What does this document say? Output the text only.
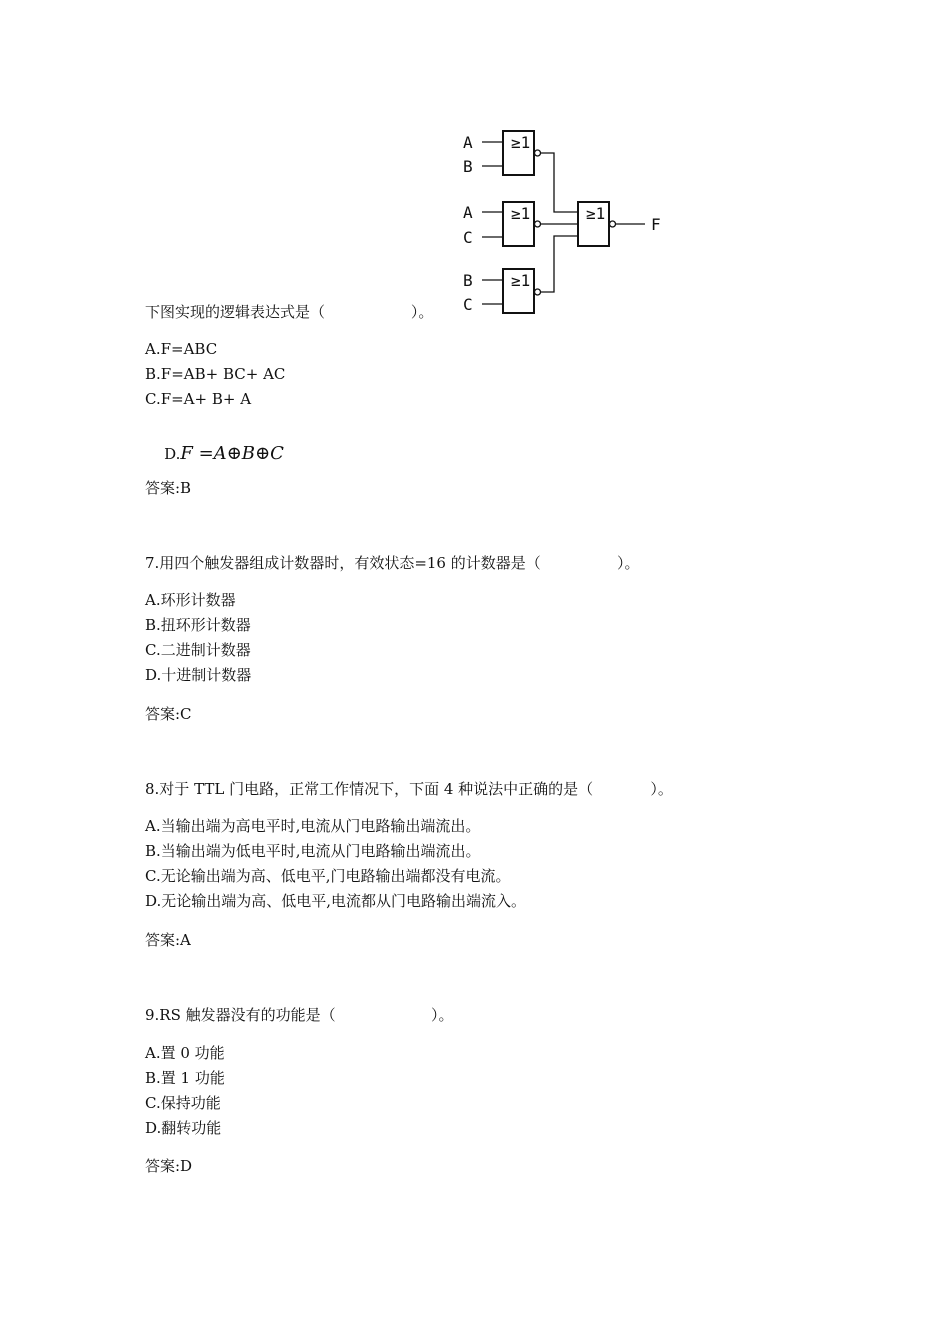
≥1
≥1
≥1
≥1
A
B
A
C
B
C
F
下图实现的逻辑表达式是（                  ）。
A.F=ABC
B.F=AB+ BC+ AC
C.F=A+ B+ A

D.F =A⊕B⊕C

答案:B
7.用四个触发器组成计数器时，有效状态=16 的计数器是（                ）。
A.环形计数器
B.扭环形计数器
C.二进制计数器
D.十进制计数器
答案:C
8.对于 TTL 门电路，正常工作情况下，下面 4 种说法中正确的是（            ）。
A.当输出端为高电平时,电流从门电路输出端流出。
B.当输出端为低电平时,电流从门电路输出端流出。
C.无论输出端为高、低电平,门电路输出端都没有电流。
D.无论输出端为高、低电平,电流都从门电路输出端流入。
答案:A
9.RS 触发器没有的功能是（                    ）。
A.置 0 功能
B.置 1 功能
C.保持功能
D.翻转功能
答案:D
